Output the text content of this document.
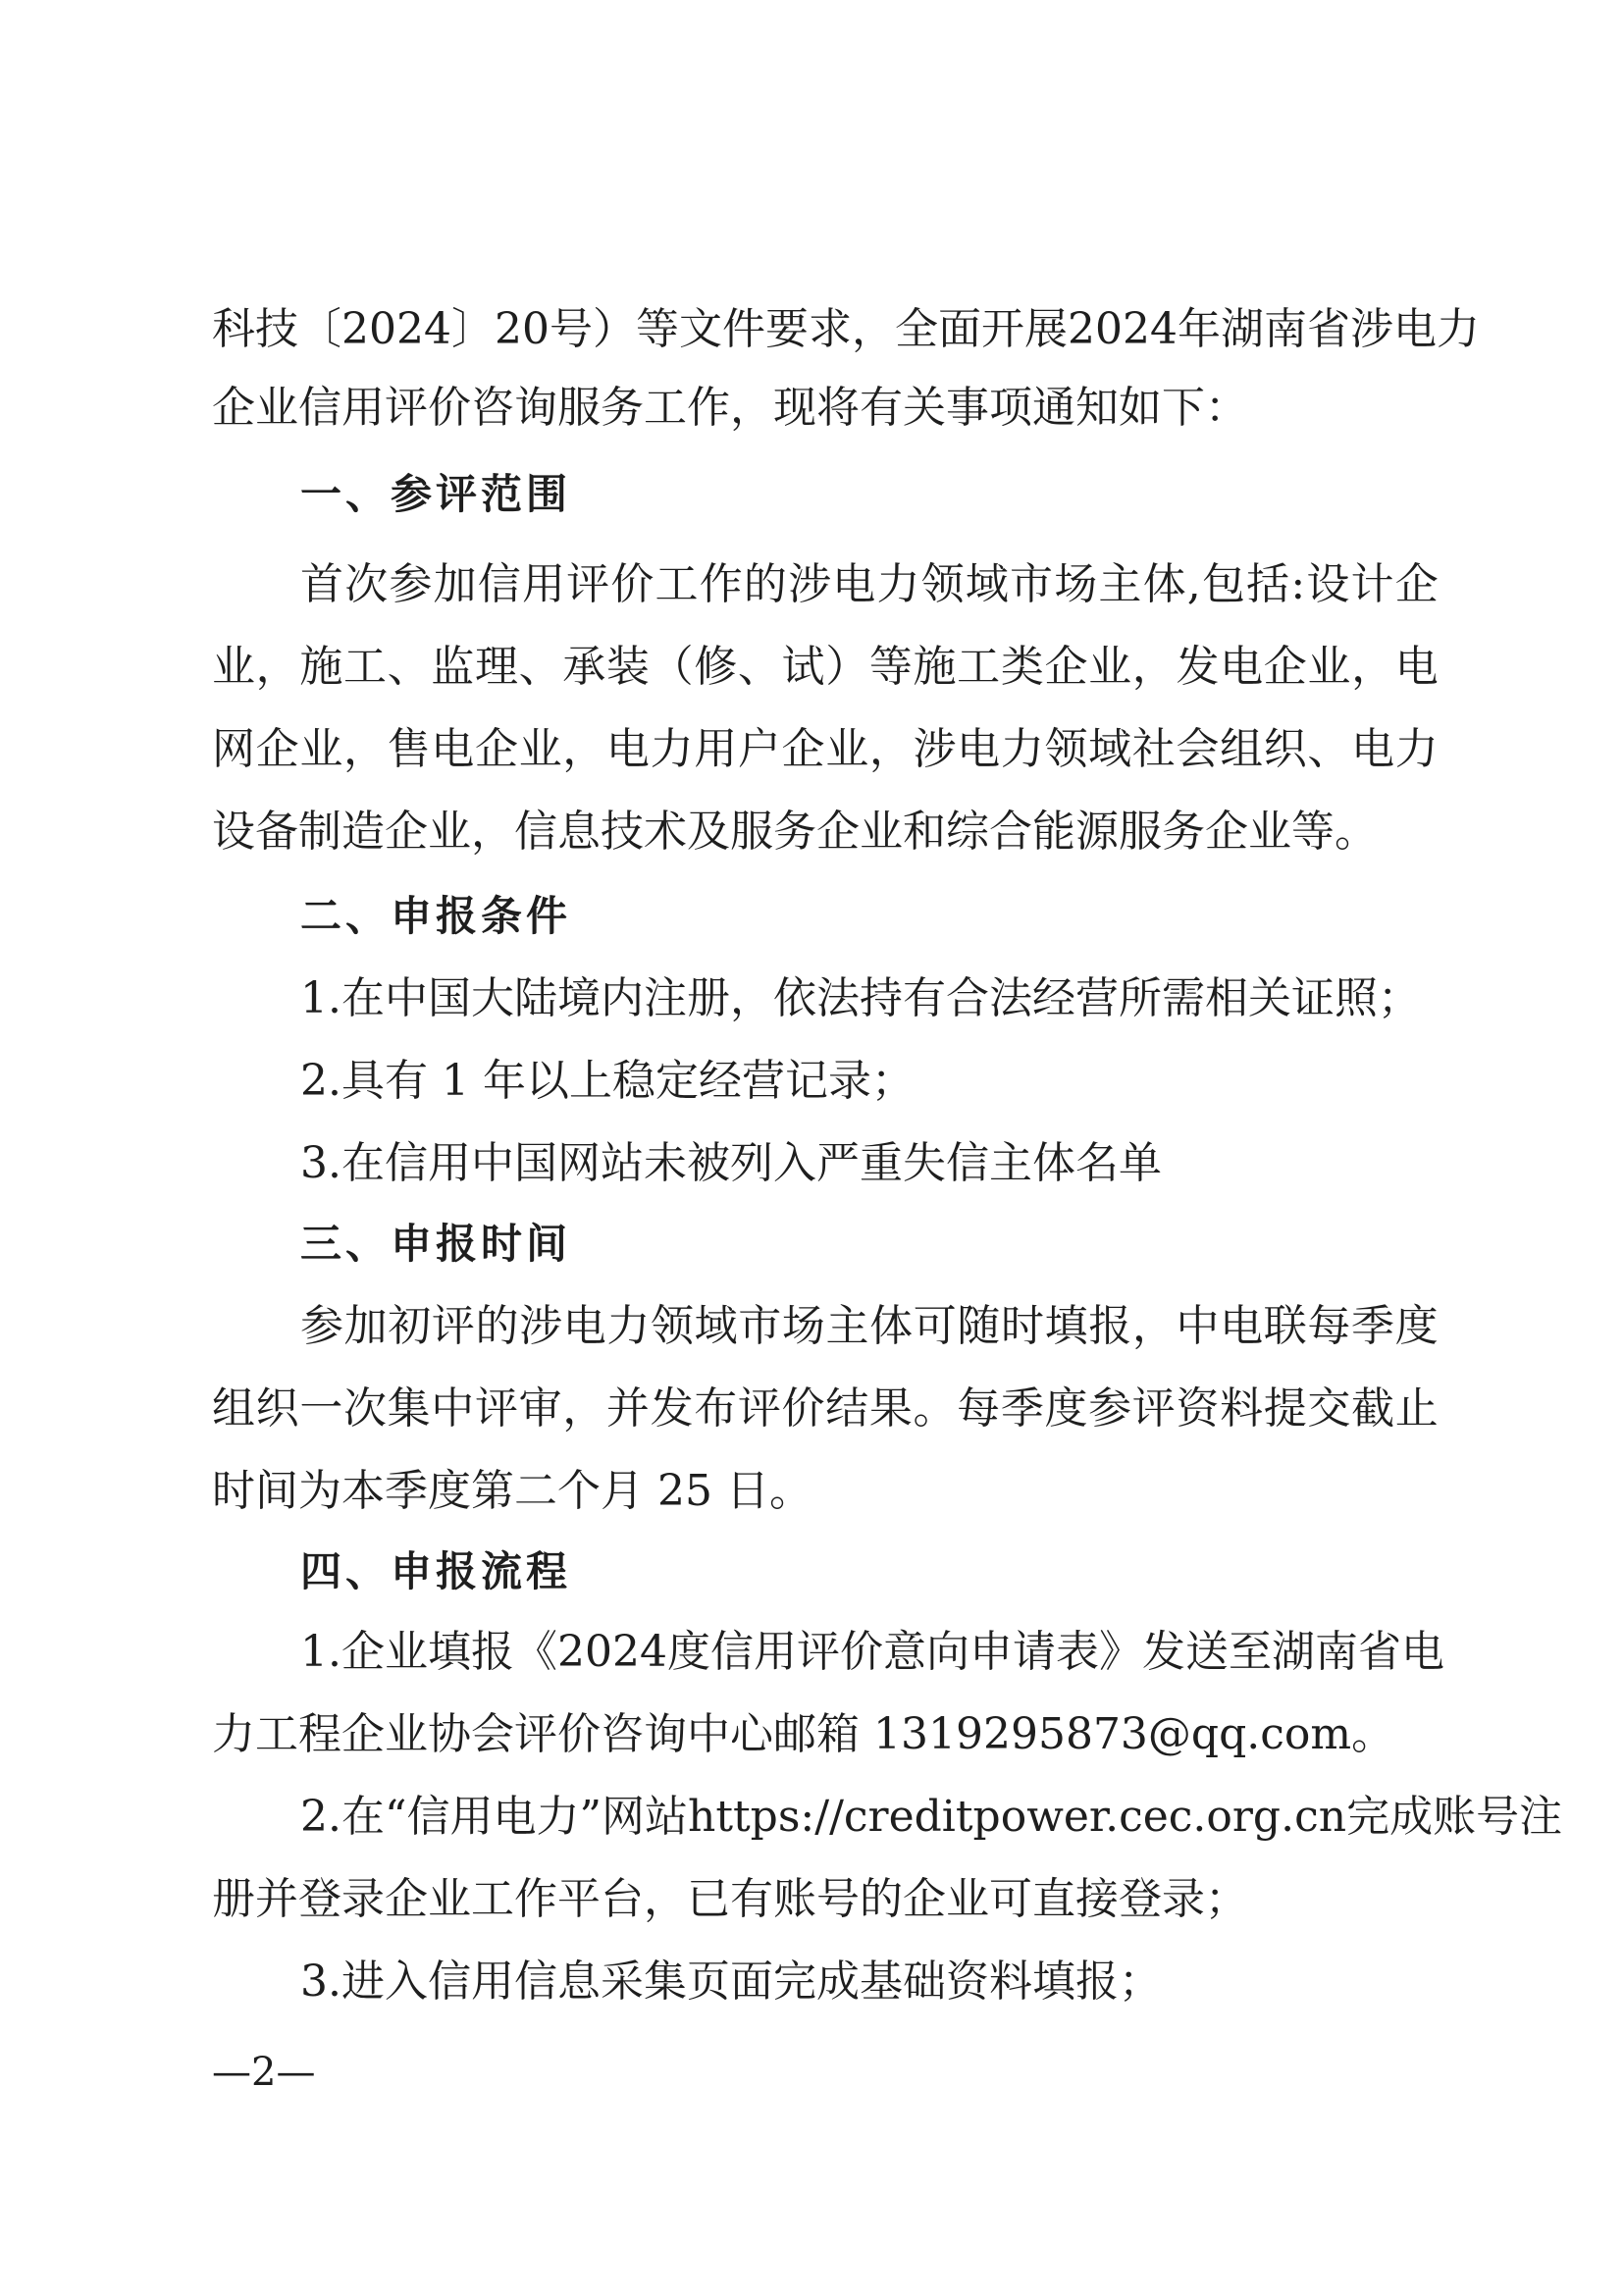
科 技 〔 2024 〕 20 号 ） 等 文 件 要 求 ， 全 面 开 展 2024 年 湖 南 省 涉 电 力
企业信用评价咨询服务工作，现将有关事项通知如下：
一、参评范围
首 次 参 加 信 用 评 价 工 作 的 涉 电 力 领 域 市 场 主 体 , 包 括 : 设 计 企
业 ， 施 工 、 监 理 、 承 装 （ 修 、 试 ） 等 施 工 类 企 业 ， 发 电 企 业 ， 电
网 企 业 ， 售 电 企 业 ， 电 力 用 户 企 业 ， 涉 电 力 领 域 社 会 组 织 、 电 力
设备制造企业，信息技术及服务企业和综合能源服务企业等。
二、申报条件
1.在中国大陆境内注册，依法持有合法经营所需相关证照；
2.具有 1 年以上稳定经营记录；
3.在信用中国网站未被列入严重失信主体名单
三、申报时间
参 加 初 评 的 涉 电 力 领 域 市 场 主 体 可 随 时 填 报 ， 中 电 联 每 季 度
组 织 一 次 集 中 评 审 ， 并 发 布 评 价 结 果 。 每 季 度 参 评 资 料 提 交 截 止
时间为本季度第二个月 25 日。
四、申报流程
1. 企 业 填 报 《 2024 度 信 用 评 价 意 向 申 请 表 》 发 送 至 湖 南 省 电
力工程企业协会评价咨询中心邮箱 1319295873@qq.com。
2. 在 “ 信 用 电 力 ” 网 站 https://creditpower.cec.org.cn 完 成 账 号 注
册并登录企业工作平台，已有账号的企业可直接登录；
3.进入信用信息采集页面完成基础资料填报；
—2—
